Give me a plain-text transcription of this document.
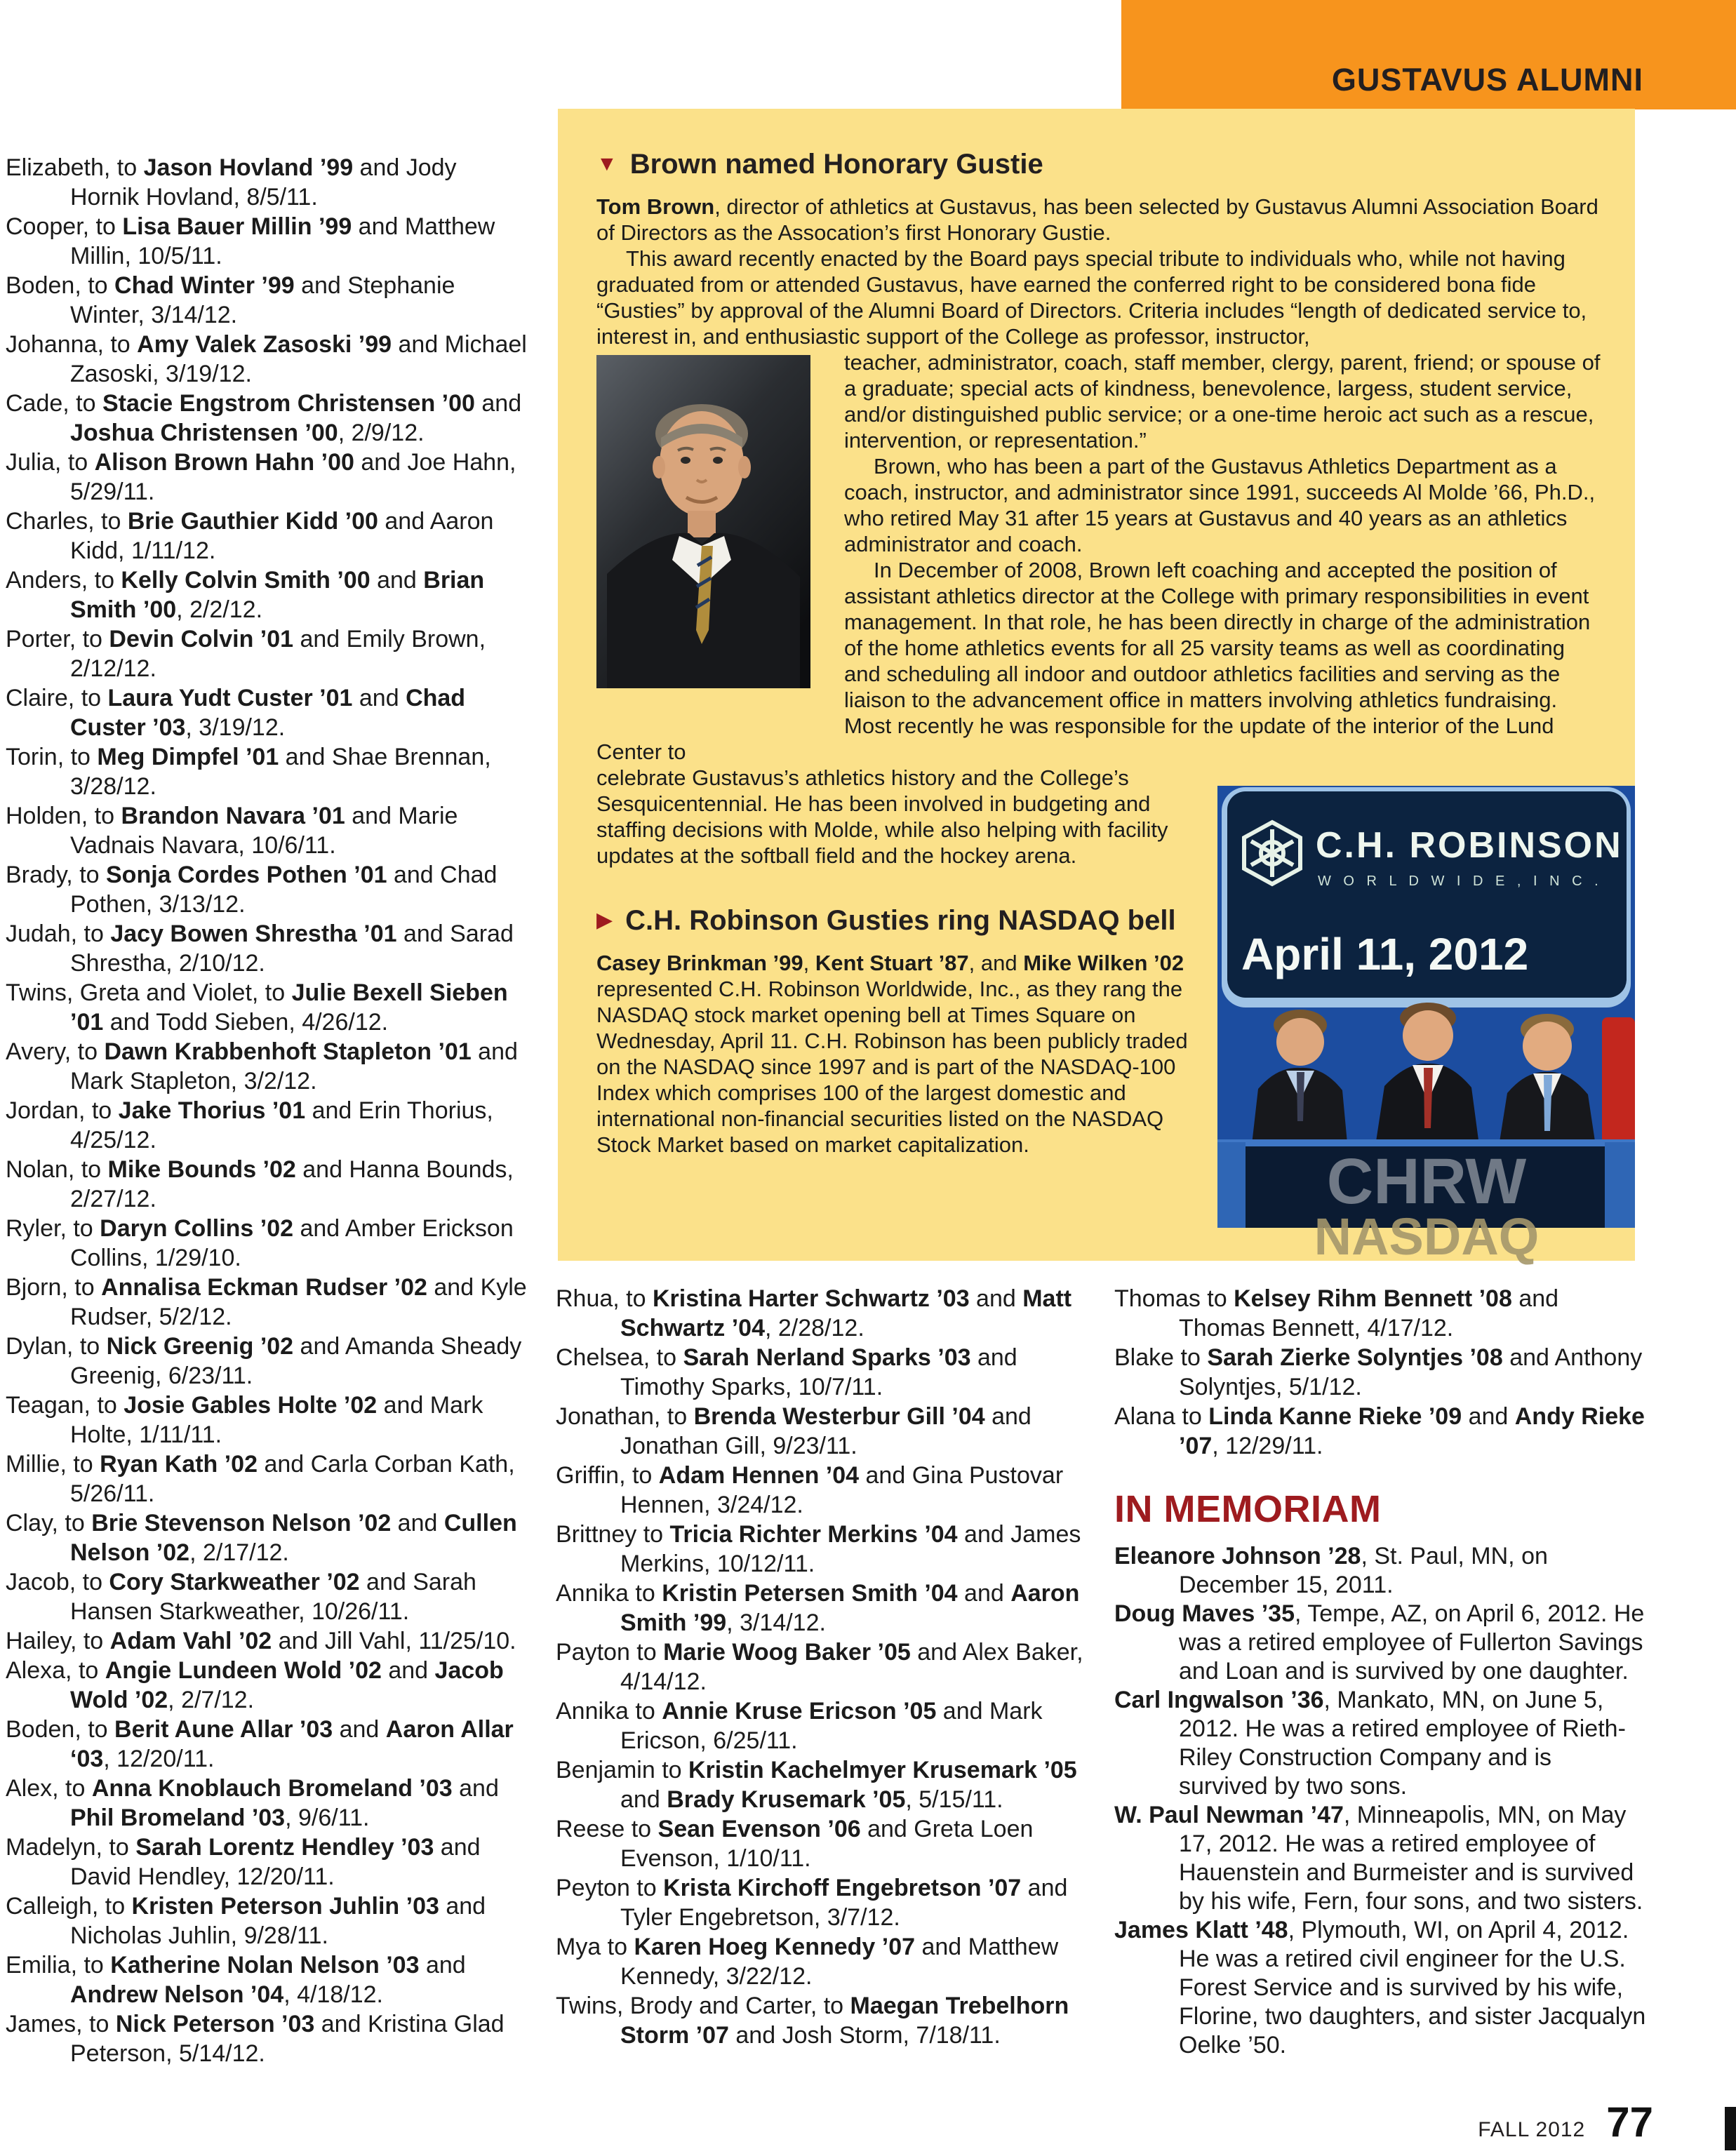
GUSTAVUS ALUMNI

Elizabeth, to Jason Hovland ’99 and Jody Hornik Hovland, 8/5/11.

Cooper, to Lisa Bauer Millin ’99 and Matthew Millin, 10/5/11.

Boden, to Chad Winter ’99 and Stephanie Winter, 3/14/12.

Johanna, to Amy Valek Zasoski ’99 and Michael Zasoski, 3/19/12.

Cade, to Stacie Engstrom Christensen ’00 and Joshua Christensen ’00, 2/9/12.

Julia, to Alison Brown Hahn ’00 and Joe Hahn, 5/29/11.

Charles, to Brie Gauthier Kidd ’00 and Aaron Kidd, 1/11/12.

Anders, to Kelly Colvin Smith ’00 and Brian Smith ’00, 2/2/12.

Porter, to Devin Colvin ’01 and Emily Brown, 2/12/12.

Claire, to Laura Yudt Custer ’01 and Chad Custer ’03, 3/19/12.

Torin, to Meg Dimpfel ’01 and Shae Brennan, 3/28/12.

Holden, to Brandon Navara ’01 and Marie Vadnais Navara, 10/6/11.

Brady, to Sonja Cordes Pothen ’01 and Chad Pothen, 3/13/12.

Judah, to Jacy Bowen Shrestha ’01 and Sarad Shrestha, 2/10/12.

Twins, Greta and Violet, to Julie Bexell Sieben ’01 and Todd Sieben, 4/26/12.

Avery, to Dawn Krabbenhoft Stapleton ’01 and Mark Stapleton, 3/2/12.

Jordan, to Jake Thorius ’01 and Erin Thorius, 4/25/12.

Nolan, to Mike Bounds ’02 and Hanna Bounds, 2/27/12.

Ryler, to Daryn Collins ’02 and Amber Erickson Collins, 1/29/10.

Bjorn, to Annalisa Eckman Rudser ’02 and Kyle Rudser, 5/2/12.

Dylan, to Nick Greenig ’02 and Amanda Sheady Greenig, 6/23/11.

Teagan, to Josie Gables Holte ’02 and Mark Holte, 1/11/11.

Millie, to Ryan Kath ’02 and Carla Corban Kath, 5/26/11.

Clay, to Brie Stevenson Nelson ’02 and Cullen Nelson ’02, 2/17/12.

Jacob, to Cory Starkweather ’02 and Sarah Hansen Starkweather, 10/26/11.

Hailey, to Adam Vahl ’02 and Jill Vahl, 11/25/10.

Alexa, to Angie Lundeen Wold ’02 and Jacob Wold ’02, 2/7/12.

Boden, to Berit Aune Allar ’03 and Aaron Allar ‘03, 12/20/11.

Alex, to Anna Knoblauch Bromeland ’03 and Phil Bromeland ’03, 9/6/11.

Madelyn, to Sarah Lorentz Hendley ’03 and David Hendley, 12/20/11.

Calleigh, to Kristen Peterson Juhlin ’03 and Nicholas Juhlin, 9/28/11.

Emilia, to Katherine Nolan Nelson ’03 and Andrew Nelson ’04, 4/18/12.

James, to Nick Peterson ’03 and Kristina Glad Peterson, 5/14/12.

▼ Brown named Honorary Gustie

Tom Brown, director of athletics at Gustavus, has been selected by Gustavus Alumni Association Board of Directors as the Assocation’s first Honorary Gustie.

This award recently enacted by the Board pays special tribute to individuals who, while not having graduated from or attended Gustavus, have earned the conferred right to be considered bona fide “Gusties” by approval of the Alumni Board of Directors. Criteria includes “length of dedicated service to, interest in, and enthusiastic support of the College as professor, instructor,

teacher, administrator, coach, staff member, clergy, parent, friend; or spouse of a graduate; special acts of kindness, benevolence, largess, student service, and/or distinguished public service; or a one-time heroic act such as a rescue, intervention, or representation.”

Brown, who has been a part of the Gustavus Athletics Department as a coach, instructor, and administrator since 1991, succeeds Al Molde ’66, Ph.D., who retired May 31 after 15 years at Gustavus and 40 years as an athletics administrator and coach.

In December of 2008, Brown left coaching and accepted the position of assistant athletics director at the College with primary responsibilities in event management. In that role, he has been directly in charge of the administration of the home athletics events for all 25 varsity teams as well as coordinating and scheduling all indoor and outdoor athletics facilities and serving as the liaison to the advancement office in matters involving athletics fundraising.

Most recently he was responsible for the update of the interior of the Lund Center to

C.H. ROBINSON
W O R L D W I D E , I N C .
April 11, 2012
CHRW
NASDAQ

celebrate Gustavus’s athletics history and the College’s Sesquicentennial. He has been involved in budgeting and staffing decisions with Molde, while also helping with facility updates at the softball field and the hockey arena.

▶ C.H. Robinson Gusties ring NASDAQ bell

Casey Brinkman ’99, Kent Stuart ’87, and Mike Wilken ’02 represented C.H. Robinson Worldwide, Inc., as they rang the NASDAQ stock market opening bell at Times Square on Wednesday, April 11. C.H. Robinson has been publicly traded on the NASDAQ since 1997 and is part of the NASDAQ-100 Index which comprises 100 of the largest domestic and international non-financial securities listed on the NASDAQ Stock Market based on market capitalization.

Rhua, to Kristina Harter Schwartz ’03 and Matt Schwartz ’04, 2/28/12.

Chelsea, to Sarah Nerland Sparks ’03 and Timothy Sparks, 10/7/11.

Jonathan, to Brenda Westerbur Gill ’04 and Jonathan Gill, 9/23/11.

Griffin, to Adam Hennen ’04 and Gina Pustovar Hennen, 3/24/12.

Brittney to Tricia Richter Merkins ’04 and James Merkins, 10/12/11.

Annika to Kristin Petersen Smith ’04 and Aaron Smith ’99, 3/14/12.

Payton to Marie Woog Baker ’05 and Alex Baker, 4/14/12.

Annika to Annie Kruse Ericson ’05 and Mark Ericson, 6/25/11.

Benjamin to Kristin Kachelmyer Krusemark ’05 and Brady Krusemark ’05, 5/15/11.

Reese to Sean Evenson ’06 and Greta Loen Evenson, 1/10/11.

Peyton to Krista Kirchoff Engebretson ’07 and Tyler Engebretson, 3/7/12.

Mya to Karen Hoeg Kennedy ’07 and Matthew Kennedy, 3/22/12.

Twins, Brody and Carter, to Maegan Trebelhorn Storm ’07 and Josh Storm, 7/18/11.

Thomas to Kelsey Rihm Bennett ’08 and Thomas Bennett, 4/17/12.

Blake to Sarah Zierke Solyntjes ’08 and Anthony Solyntjes, 5/1/12.

Alana to Linda Kanne Rieke ’09 and Andy Rieke ’07, 12/29/11.

IN MEMORIAM

Eleanore Johnson ’28, St. Paul, MN, on December 15, 2011.

Doug Maves ’35, Tempe, AZ, on April 6, 2012. He was a retired employee of Fullerton Savings and Loan and is survived by one daughter.

Carl Ingwalson ’36, Mankato, MN, on June 5, 2012. He was a retired employee of Rieth-Riley Construction Company and is survived by two sons.

W. Paul Newman ’47, Minneapolis, MN, on May 17, 2012. He was a retired employee of Hauenstein and Burmeister and is survived by his wife, Fern, four sons, and two sisters.

James Klatt ’48, Plymouth, WI, on April 4, 2012. He was a retired civil engineer for the U.S. Forest Service and is survived by his wife, Florine, two daughters, and sister Jacqualyn Oelke ’50.

FALL 2012 77
